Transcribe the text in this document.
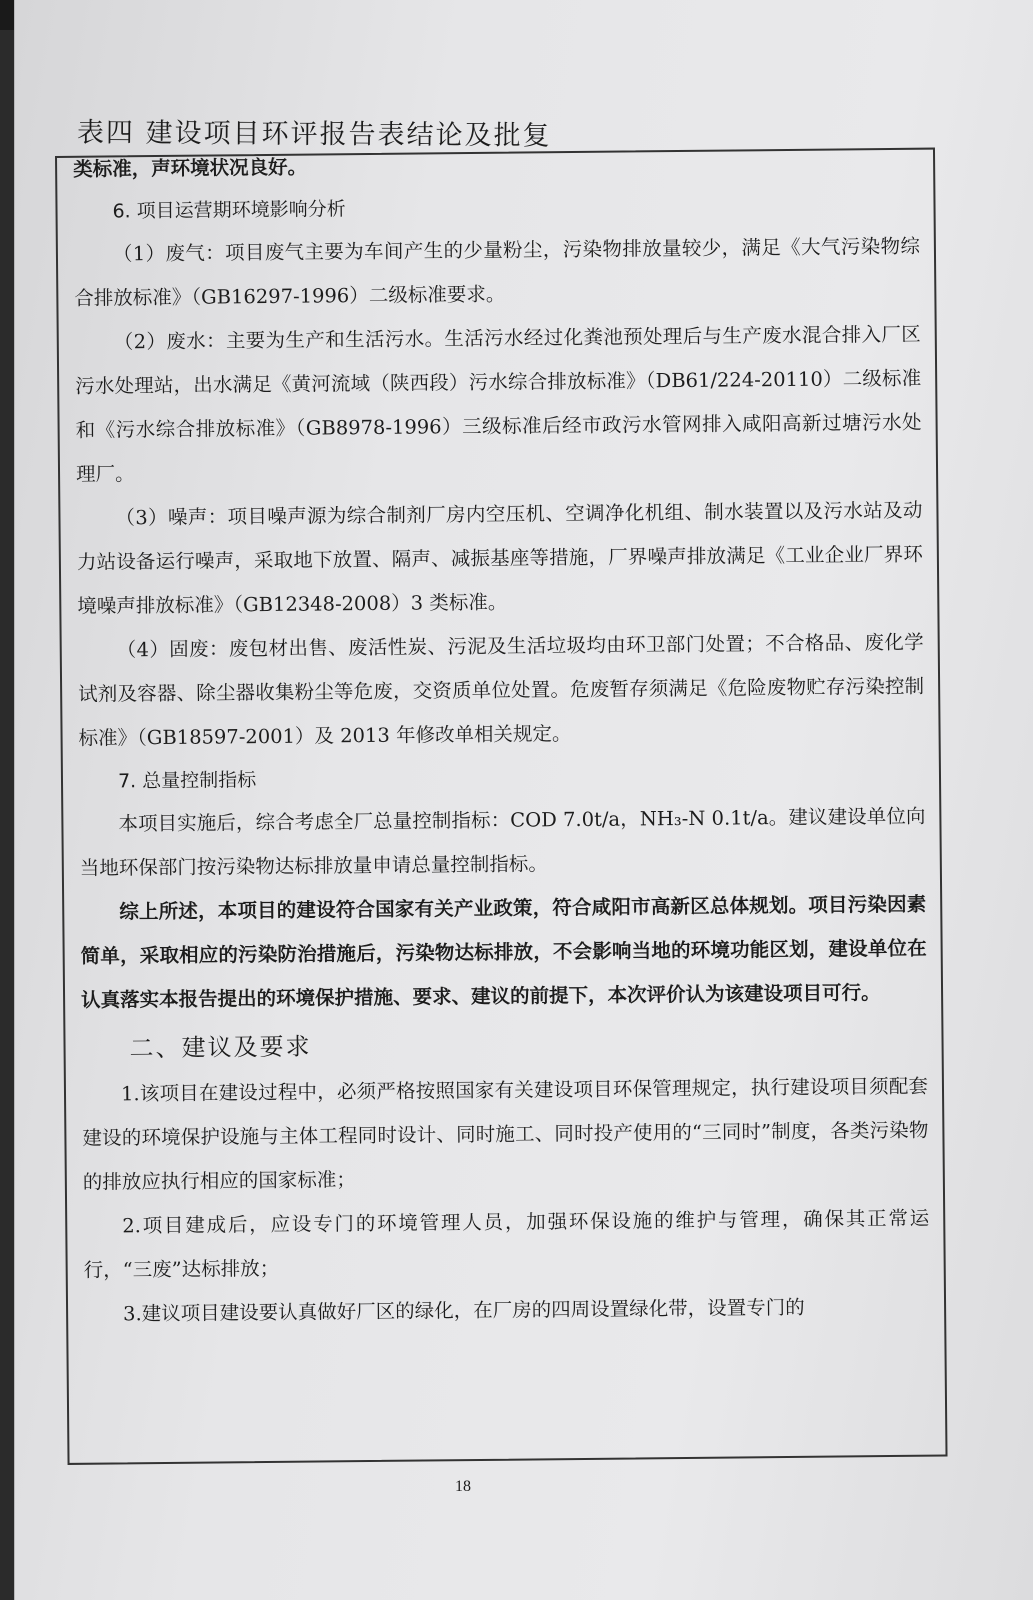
表四 建设项目环评报告表结论及批复

类标准，声环境状况良好。

6. 项目运营期环境影响分析

（1）废气：项目废气主要为车间产生的少量粉尘，污染物排放量较少，满足《大气污染物综合排放标准》（GB16297-1996）二级标准要求。

（2）废水：主要为生产和生活污水。生活污水经过化粪池预处理后与生产废水混合排入厂区污水处理站，出水满足《黄河流域（陕西段）污水综合排放标准》（DB61/224-20110）二级标准和《污水综合排放标准》（GB8978-1996）三级标准后经市政污水管网排入咸阳高新过塘污水处理厂。

（3）噪声：项目噪声源为综合制剂厂房内空压机、空调净化机组、制水装置以及污水站及动力站设备运行噪声，采取地下放置、隔声、减振基座等措施，厂界噪声排放满足《工业企业厂界环境噪声排放标准》（GB12348-2008）3 类标准。

（4）固废：废包材出售、废活性炭、污泥及生活垃圾均由环卫部门处置；不合格品、废化学试剂及容器、除尘器收集粉尘等危废，交资质单位处置。危废暂存须满足《危险废物贮存污染控制标准》（GB18597-2001）及 2013 年修改单相关规定。

7. 总量控制指标

本项目实施后，综合考虑全厂总量控制指标：COD 7.0t/a，NH₃-N 0.1t/a。建议建设单位向当地环保部门按污染物达标排放量申请总量控制指标。

综上所述，本项目的建设符合国家有关产业政策，符合咸阳市高新区总体规划。项目污染因素简单，采取相应的污染防治措施后，污染物达标排放，不会影响当地的环境功能区划，建设单位在认真落实本报告提出的环境保护措施、要求、建议的前提下，本次评价认为该建设项目可行。

二、建议及要求

1.该项目在建设过程中，必须严格按照国家有关建设项目环保管理规定，执行建设项目须配套建设的环境保护设施与主体工程同时设计、同时施工、同时投产使用的“三同时”制度，各类污染物的排放应执行相应的国家标准；

2.项目建成后，应设专门的环境管理人员，加强环保设施的维护与管理，确保其正常运行，“三废”达标排放；

3.建议项目建设要认真做好厂区的绿化，在厂房的四周设置绿化带，设置专门的

18
